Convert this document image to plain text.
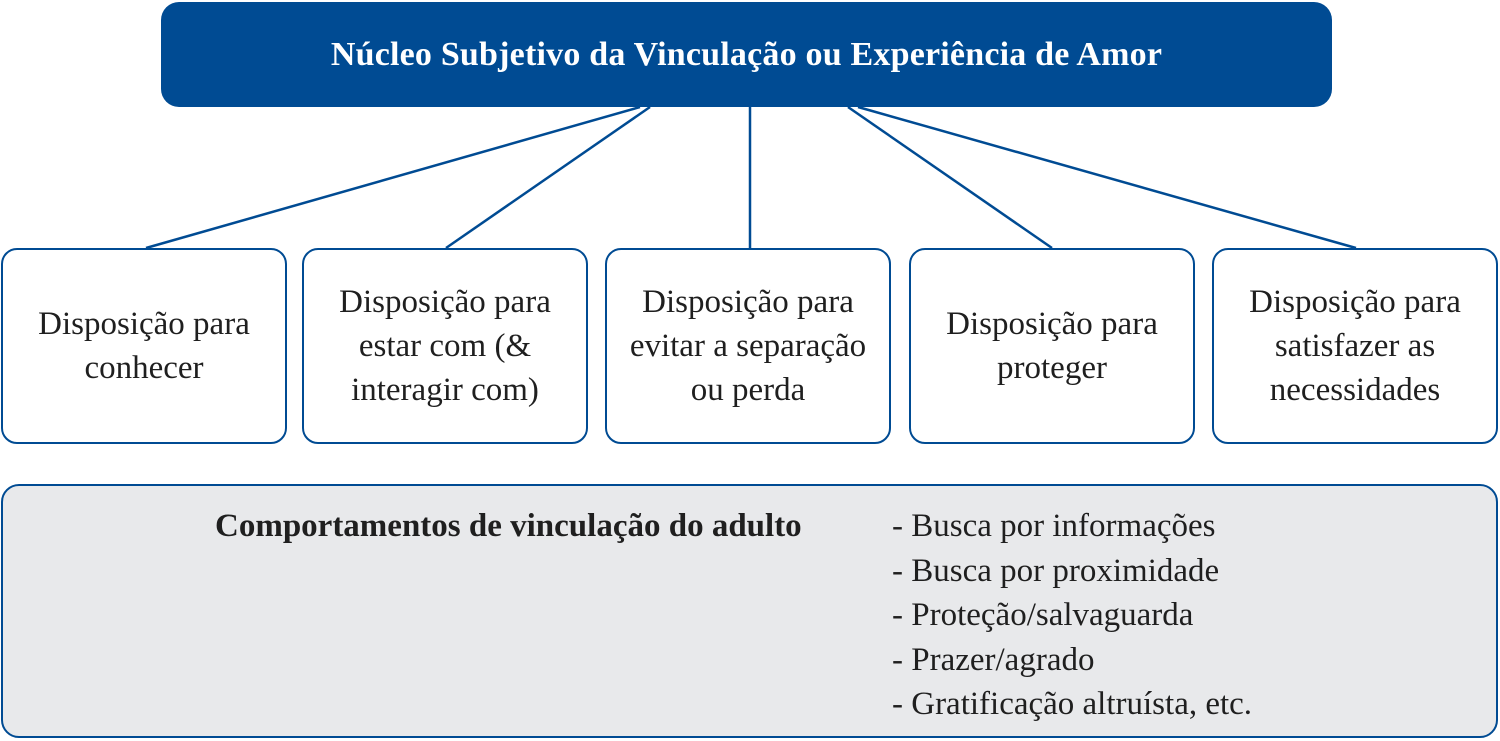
Núcleo Subjetivo da Vinculação ou Experiência de Amor
Disposição para conhecer
Disposição para estar com (& interagir com)
Disposição para evitar a separação ou perda
Disposição para proteger
Disposição para satisfazer as necessidades
Comportamentos de vinculação do adulto	- Busca por informações
- Busca por proximidade
- Proteção/salvaguarda
- Prazer/agrado
- Gratificação altruísta, etc.
